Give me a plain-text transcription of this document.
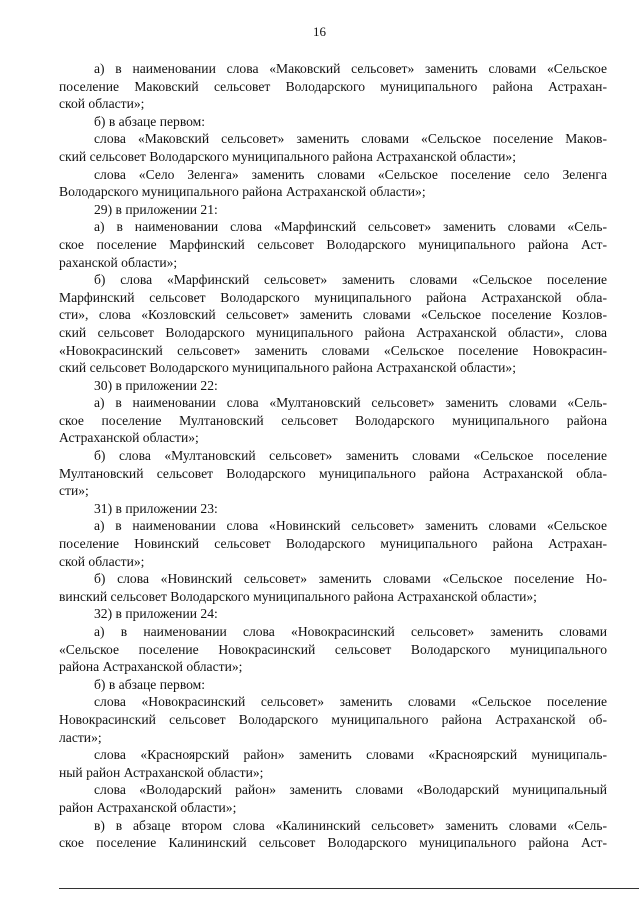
16
а) в наименовании слова «Маковский сельсовет» заменить словами «Сельское
поселение Маковский сельсовет Володарского муниципального района Астрахан-
ской области»;
б) в абзаце первом:
слова «Маковский сельсовет» заменить словами «Сельское поселение Маков-
ский сельсовет Володарского муниципального района Астраханской области»;
слова «Село Зеленга» заменить словами «Сельское поселение село Зеленга
Володарского муниципального района Астраханской области»;
29) в приложении 21:
а) в наименовании слова «Марфинский сельсовет» заменить словами «Сель-
ское поселение Марфинский сельсовет Володарского муниципального района Аст-
раханской области»;
б) слова «Марфинский сельсовет» заменить словами «Сельское поселение
Марфинский сельсовет Володарского муниципального района Астраханской обла-
сти», слова «Козловский сельсовет» заменить словами «Сельское поселение Козлов-
ский сельсовет Володарского муниципального района Астраханской области», слова
«Новокрасинский сельсовет» заменить словами «Сельское поселение Новокрасин-
ский сельсовет Володарского муниципального района Астраханской области»;
30) в приложении 22:
а) в наименовании слова «Мултановский сельсовет» заменить словами «Сель-
ское поселение Мултановский сельсовет Володарского муниципального района
Астраханской области»;
б) слова «Мултановский сельсовет» заменить словами «Сельское поселение
Мултановский сельсовет Володарского муниципального района Астраханской обла-
сти»;
31) в приложении 23:
а) в наименовании слова «Новинский сельсовет» заменить словами «Сельское
поселение Новинский сельсовет Володарского муниципального района Астрахан-
ской области»;
б) слова «Новинский сельсовет» заменить словами «Сельское поселение Но-
винский сельсовет Володарского муниципального района Астраханской области»;
32) в приложении 24:
а) в наименовании слова «Новокрасинский сельсовет» заменить словами
«Сельское поселение Новокрасинский сельсовет Володарского муниципального
района Астраханской области»;
б) в абзаце первом:
слова «Новокрасинский сельсовет» заменить словами «Сельское поселение
Новокрасинский сельсовет Володарского муниципального района Астраханской об-
ласти»;
слова «Красноярский район» заменить словами «Красноярский муниципаль-
ный район Астраханской области»;
слова «Володарский район» заменить словами «Володарский муниципальный
район Астраханской области»;
в) в абзаце втором слова «Калининский сельсовет» заменить словами «Сель-
ское поселение Калининский сельсовет Володарского муниципального района Аст-
